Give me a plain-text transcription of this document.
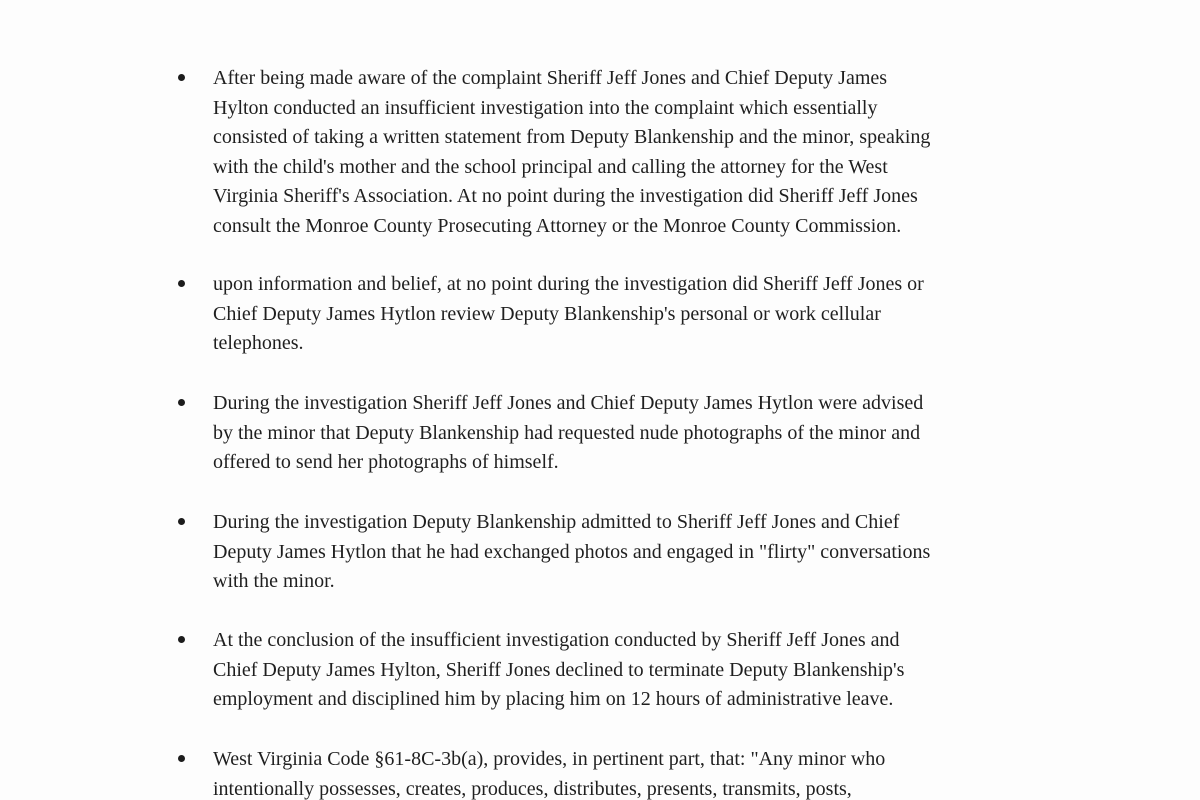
After being made aware of the complaint Sheriff Jeff Jones and Chief Deputy James
Hylton conducted an insufficient investigation into the complaint which essentially
consisted of taking a written statement from Deputy Blankenship and the minor, speaking
with the child's mother and the school principal and calling the attorney for the West
Virginia Sheriff's Association. At no point during the investigation did Sheriff Jeff Jones
consult the Monroe County Prosecuting Attorney or the Monroe County Commission.

upon information and belief, at no point during the investigation did Sheriff Jeff Jones or
Chief Deputy James Hytlon review Deputy Blankenship's personal or work cellular
telephones.

During the investigation Sheriff Jeff Jones and Chief Deputy James Hytlon were advised
by the minor that Deputy Blankenship had requested nude photographs of the minor and
offered to send her photographs of himself.

During the investigation Deputy Blankenship admitted to Sheriff Jeff Jones and Chief
Deputy James Hytlon that he had exchanged photos and engaged in "flirty" conversations
with the minor.

At the conclusion of the insufficient investigation conducted by Sheriff Jeff Jones and
Chief Deputy James Hylton, Sheriff Jones declined to terminate Deputy Blankenship's
employment and disciplined him by placing him on 12 hours of administrative leave.

West Virginia Code §61-8C-3b(a), provides, in pertinent part, that: "Any minor who
intentionally possesses, creates, produces, distributes, presents, transmits, posts,
